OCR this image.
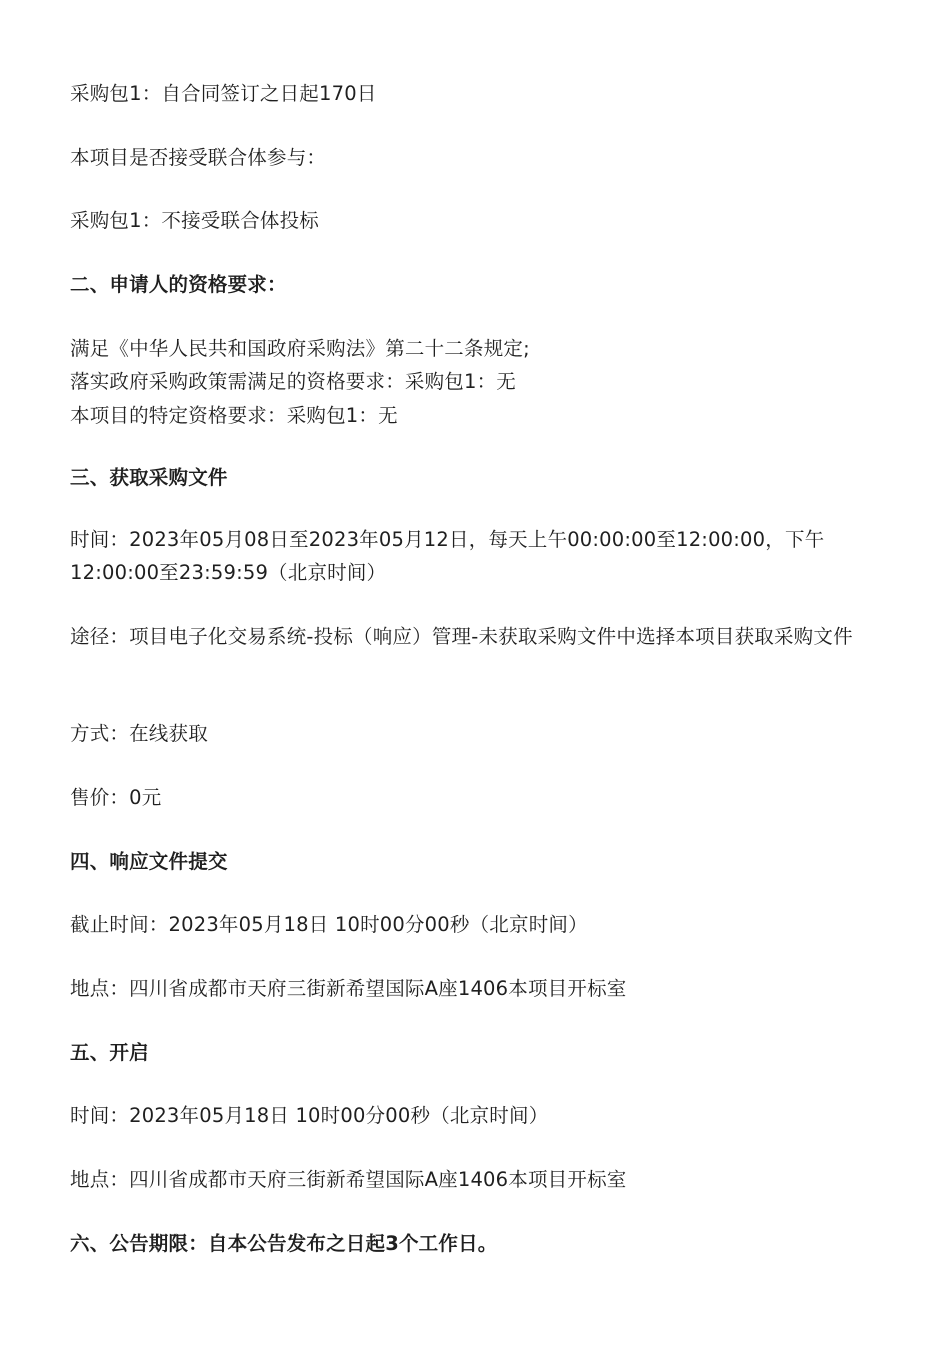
采购包1：自合同签订之日起170日
本项目是否接受联合体参与：
采购包1：不接受联合体投标
二、申请人的资格要求：
满足《中华人民共和国政府采购法》第二十二条规定;
落实政府采购政策需满足的资格要求：采购包1：无
本项目的特定资格要求：采购包1：无
三、获取采购文件
时间：2023年05月08日至2023年05月12日，每天上午00:00:00至12:00:00，下午12:00:00至23:59:59（北京时间）
途径：项目电子化交易系统-投标（响应）管理-未获取采购文件中选择本项目获取采购文件
方式：在线获取
售价：0元
四、响应文件提交
截止时间：2023年05月18日 10时00分00秒（北京时间）
地点：四川省成都市天府三街新希望国际A座1406本项目开标室
五、开启
时间：2023年05月18日 10时00分00秒（北京时间）
地点：四川省成都市天府三街新希望国际A座1406本项目开标室
六、公告期限：自本公告发布之日起3个工作日。
